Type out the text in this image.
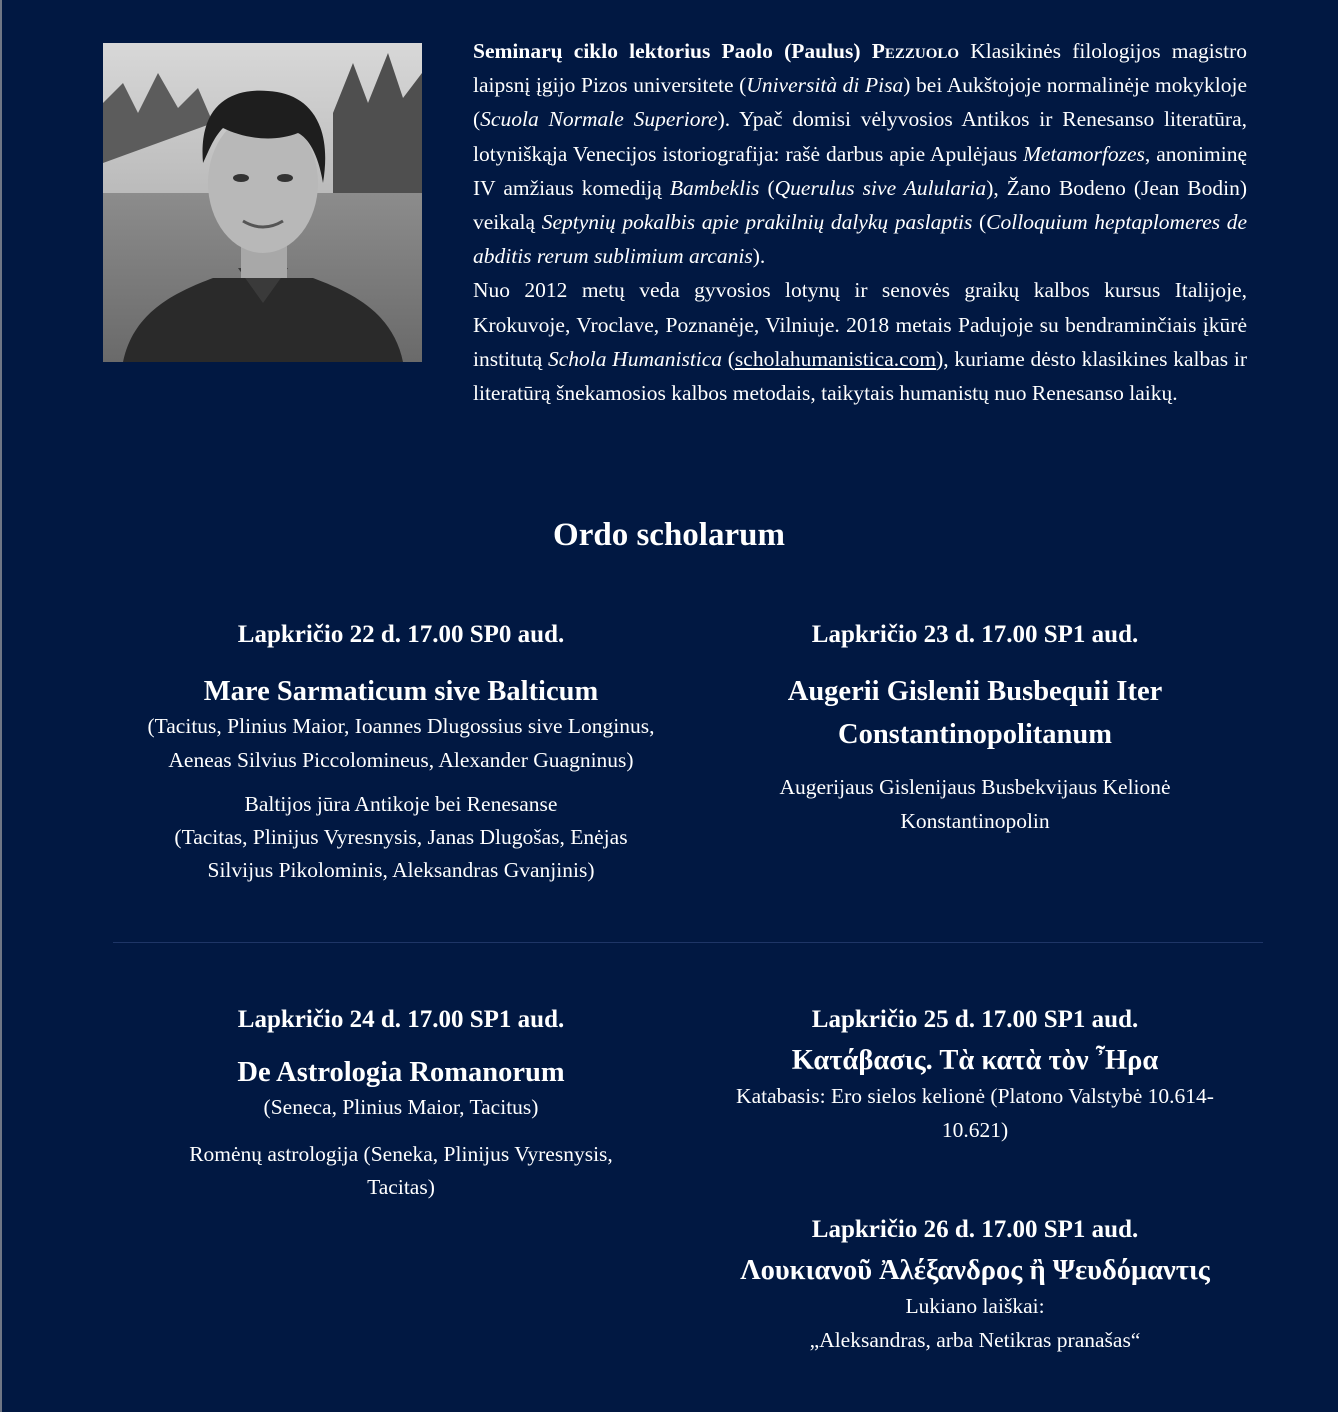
Seminarų ciklo lektorius Paolo (Paulus) Pezzuolo Klasikinės filologijos magistro laipsnį įgijo Pizos universitete (Università di Pisa) bei Aukštojoje normalinėje mokykloje (Scuola Normale Superiore). Ypač domisi vėlyvosios Antikos ir Renesanso literatūra, lotyniškąja Venecijos istoriografija: rašė darbus apie Apulėjaus Metamorfozes, anoniminę IV amžiaus komediją Bambeklis (Querulus sive Aulularia), Žano Bodeno (Jean Bodin) veikalą Septynių pokalbis apie prakilnių dalykų paslaptis (Colloquium heptaplomeres de abditis rerum sublimium arcanis).
Nuo 2012 metų veda gyvosios lotynų ir senovės graikų kalbos kursus Italijoje, Krokuvoje, Vroclave, Poznanėje, Vilniuje. 2018 metais Padujoje su bendraminčiais įkūrė institutą Schola Humanistica (scholahumanistica.com), kuriame dėsto klasikines kalbas ir literatūrą šnekamosios kalbos metodais, taikytais humanistų nuo Renesanso laikų.
Ordo scholarum
Lapkričio 22 d. 17.00 SP0 aud.
Mare Sarmaticum sive Balticum
(Tacitus, Plinius Maior, Ioannes Dlugossius sive Longinus, Aeneas Silvius Piccolomineus, Alexander Guagninus)
Baltijos jūra Antikoje bei Renesanse
(Tacitas, Plinijus Vyresnysis, Janas Dlugošas, Enėjas Silvijus Pikolominis, Aleksandras Gvanjinis)
Lapkričio 23 d. 17.00 SP1 aud.
Augerii Gislenii Busbequii Iter Constantinopolitanum
Augerijaus Gislenijaus Busbekvijaus Kelionė Konstantinopolin
Lapkričio 24 d. 17.00 SP1 aud.
De Astrologia Romanorum
(Seneca, Plinius Maior, Tacitus)
Romėnų astrologija (Seneka, Plinijus Vyresnysis, Tacitas)
Lapkričio 25 d. 17.00 SP1 aud.
Κατάβασις. Τὰ κατὰ τὸν Ἦρα
Katabasis: Ero sielos kelionė (Platono Valstybė 10.614-10.621)
Lapkričio 26 d. 17.00 SP1 aud.
Λουκιανοῦ Ἀλέξανδρος ἢ Ψευδόμαντις
Lukiano laiškai:
„Aleksandras, arba Netikras pranašas“
